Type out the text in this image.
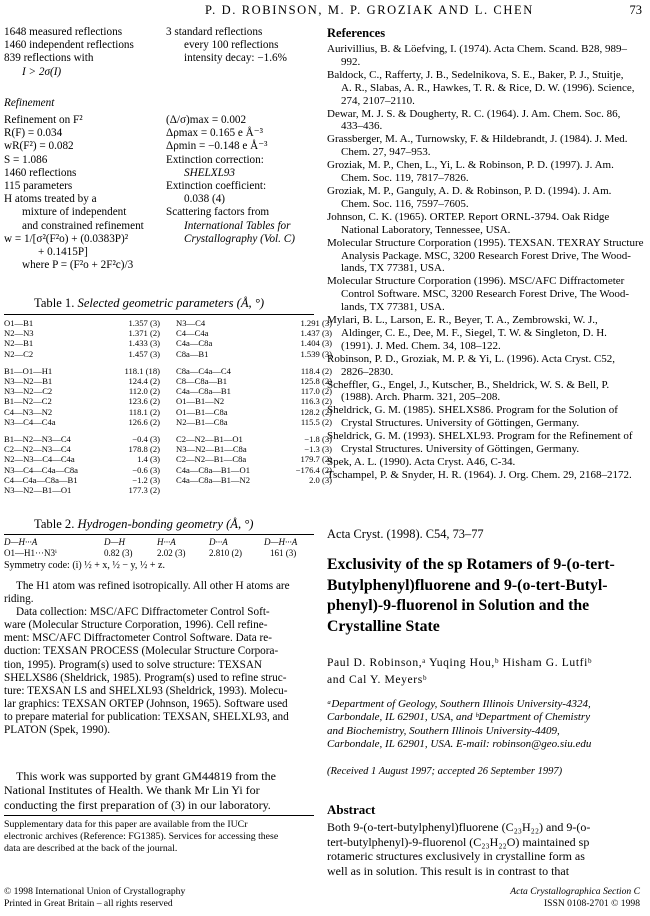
P. D. ROBINSON, M. P. GROZIAK AND L. CHEN	73
1648 measured reflections
1460 independent reflections
839 reflections with
I > 2σ(I)
3 standard reflections
every 100 reflections
intensity decay: −1.6%
Refinement
Refinement on F²
R(F) = 0.034
wR(F²) = 0.082
S = 1.086
1460 reflections
115 parameters
H atoms treated by a
mixture of independent
and constrained refinement
w = 1/[σ²(F²o) + (0.0383P)²
+ 0.1415P]
where P = (F²o + 2F²c)/3
(Δ/σ)max = 0.002
Δρmax = 0.165 e Å⁻³
Δρmin = −0.148 e Å⁻³
Extinction correction:
SHELXL93
Extinction coefficient:
0.038 (4)
Scattering factors from
International Tables for
Crystallography (Vol. C)
Table 1. Selected geometric parameters (Å, °)
O1—B1	1.357 (3)	N3—C4	1.291 (3)
N2—N3	1.371 (2)	C4—C4a	1.437 (3)
N2—B1	1.433 (3)	C4a—C8a	1.404 (3)
N2—C2	1.457 (3)	C8a—B1	1.539 (3)

B1—O1—H1	118.1 (18)	C8a—C4a—C4	118.4 (2)
N3—N2—B1	124.4 (2)	C8—C8a—B1	125.8 (2)
N3—N2—C2	112.0 (2)	C4a—C8a—B1	117.0 (2)
B1—N2—C2	123.6 (2)	O1—B1—N2	116.3 (2)
C4—N3—N2	118.1 (2)	O1—B1—C8a	128.2 (2)
N3—C4—C4a	126.6 (2)	N2—B1—C8a	115.5 (2)

B1—N2—N3—C4	−0.4 (3)	C2—N2—B1—O1	−1.8 (3)
C2—N2—N3—C4	178.8 (2)	N3—N2—B1—C8a	−1.3 (3)
N2—N3—C4—C4a	1.4 (3)	C2—N2—B1—C8a	179.7 (2)
N3—C4—C4a—C8a	−0.6 (3)	C4a—C8a—B1—O1	−176.4 (2)
C4—C4a—C8a—B1	−1.2 (3)	C4a—C8a—B1—N2	2.0 (3)
N3—N2—B1—O1	177.3 (2)		
Table 2. Hydrogen-bonding geometry (Å, °)
D—H···A	D—H	H···A	D···A	D—H···A
O1—H1···N3ⁱ	0.82 (3)	2.02 (3)	2.810 (2)	161 (3)
Symmetry code: (i) ½ + x, ½ − y, ½ + z.
The H1 atom was refined isotropically. All other H atoms are
riding.
Data collection: MSC/AFC Diffractometer Control Soft-
ware (Molecular Structure Corporation, 1996). Cell refine-
ment: MSC/AFC Diffractometer Control Software. Data re-
duction: TEXSAN PROCESS (Molecular Structure Corpora-
tion, 1995). Program(s) used to solve structure: TEXSAN
SHELXS86 (Sheldrick, 1985). Program(s) used to refine struc-
ture: TEXSAN LS and SHELXL93 (Sheldrick, 1993). Molecu-
lar graphics: TEXSAN ORTEP (Johnson, 1965). Software used
to prepare material for publication: TEXSAN, SHELXL93, and
PLATON (Spek, 1990).
This work was supported by grant GM44819 from the
National Institutes of Health. We thank Mr Lin Yi for
conducting the first preparation of (3) in our laboratory.
Supplementary data for this paper are available from the IUCr
electronic archives (Reference: FG1385). Services for accessing these
data are described at the back of the journal.
© 1998 International Union of Crystallography
Printed in Great Britain – all rights reserved
References
Aurivillius, B. & Löefving, I. (1974). Acta Chem. Scand. B28, 989–
992.
Baldock, C., Rafferty, J. B., Sedelnikova, S. E., Baker, P. J., Stuitje,
A. R., Slabas, A. R., Hawkes, T. R. & Rice, D. W. (1996). Science,
274, 2107–2110.
Dewar, M. J. S. & Dougherty, R. C. (1964). J. Am. Chem. Soc. 86,
433–436.
Grassberger, M. A., Turnowsky, F. & Hildebrandt, J. (1984). J. Med.
Chem. 27, 947–953.
Groziak, M. P., Chen, L., Yi, L. & Robinson, P. D. (1997). J. Am.
Chem. Soc. 119, 7817–7826.
Groziak, M. P., Ganguly, A. D. & Robinson, P. D. (1994). J. Am.
Chem. Soc. 116, 7597–7605.
Johnson, C. K. (1965). ORTEP. Report ORNL-3794. Oak Ridge
National Laboratory, Tennessee, USA.
Molecular Structure Corporation (1995). TEXSAN. TEXRAY Structure
Analysis Package. MSC, 3200 Research Forest Drive, The Wood-
lands, TX 77381, USA.
Molecular Structure Corporation (1996). MSC/AFC Diffractometer
Control Software. MSC, 3200 Research Forest Drive, The Wood-
lands, TX 77381, USA.
Mylari, B. L., Larson, E. R., Beyer, T. A., Zembrowski, W. J.,
Aldinger, C. E., Dee, M. F., Siegel, T. W. & Singleton, D. H.
(1991). J. Med. Chem. 34, 108–122.
Robinson, P. D., Groziak, M. P. & Yi, L. (1996). Acta Cryst. C52,
2826–2830.
Scheffler, G., Engel, J., Kutscher, B., Sheldrick, W. S. & Bell, P.
(1988). Arch. Pharm. 321, 205–208.
Sheldrick, G. M. (1985). SHELXS86. Program for the Solution of
Crystal Structures. University of Göttingen, Germany.
Sheldrick, G. M. (1993). SHELXL93. Program for the Refinement of
Crystal Structures. University of Göttingen, Germany.
Spek, A. L. (1990). Acta Cryst. A46, C-34.
Tschampel, P. & Snyder, H. R. (1964). J. Org. Chem. 29, 2168–2172.
Acta Cryst. (1998). C54, 73–77
Exclusivity of the sp Rotamers of 9-(o-tert-
Butylphenyl)fluorene and 9-(o-tert-Butyl-
phenyl)-9-fluorenol in Solution and the
Crystalline State
Paul D. Robinson,ᵃ Yuqing Hou,ᵇ Hisham G. Lutfiᵇ
and Cal Y. Meyersᵇ
ᵃDepartment of Geology, Southern Illinois University-4324,
Carbondale, IL 62901, USA, and ᵇDepartment of Chemistry
and Biochemistry, Southern Illinois University-4409,
Carbondale, IL 62901, USA. E-mail: robinson@geo.siu.edu
(Received 1 August 1997; accepted 26 September 1997)
Abstract
Both 9-(o-tert-butylphenyl)fluorene (C₂₃H₂₂) and 9-(o-
tert-butylphenyl)-9-fluorenol (C₂₃H₂₂O) maintained sp
rotameric structures exclusively in crystalline form as
well as in solution. This result is in contrast to that
Acta Crystallographica Section C
ISSN 0108-2701 © 1998
